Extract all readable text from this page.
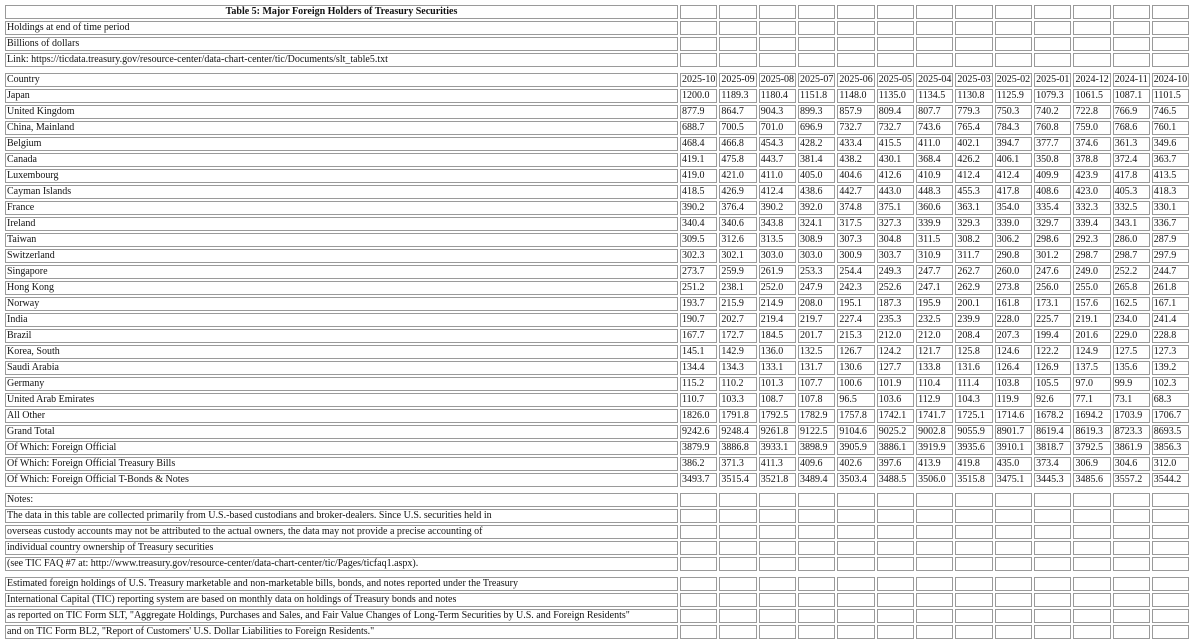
Table 5: Major Foreign Holders of Treasury Securities													
Holdings at end of time period													
Billions of dollars													
Link: https://ticdata.treasury.gov/resource-center/data-chart-center/tic/Documents/slt_table5.txt													

Country	2025-10	2025-09	2025-08	2025-07	2025-06	2025-05	2025-04	2025-03	2025-02	2025-01	2024-12	2024-11	2024-10
Japan	1200.0	1189.3	1180.4	1151.8	1148.0	1135.0	1134.5	1130.8	1125.9	1079.3	1061.5	1087.1	1101.5
United Kingdom	877.9	864.7	904.3	899.3	857.9	809.4	807.7	779.3	750.3	740.2	722.8	766.9	746.5
China, Mainland	688.7	700.5	701.0	696.9	732.7	732.7	743.6	765.4	784.3	760.8	759.0	768.6	760.1
Belgium	468.4	466.8	454.3	428.2	433.4	415.5	411.0	402.1	394.7	377.7	374.6	361.3	349.6
Canada	419.1	475.8	443.7	381.4	438.2	430.1	368.4	426.2	406.1	350.8	378.8	372.4	363.7
Luxembourg	419.0	421.0	411.0	405.0	404.6	412.6	410.9	412.4	412.4	409.9	423.9	417.8	413.5
Cayman Islands	418.5	426.9	412.4	438.6	442.7	443.0	448.3	455.3	417.8	408.6	423.0	405.3	418.3
France	390.2	376.4	390.2	392.0	374.8	375.1	360.6	363.1	354.0	335.4	332.3	332.5	330.1
Ireland	340.4	340.6	343.8	324.1	317.5	327.3	339.9	329.3	339.0	329.7	339.4	343.1	336.7
Taiwan	309.5	312.6	313.5	308.9	307.3	304.8	311.5	308.2	306.2	298.6	292.3	286.0	287.9
Switzerland	302.3	302.1	303.0	303.0	300.9	303.7	310.9	311.7	290.8	301.2	298.7	298.7	297.9
Singapore	273.7	259.9	261.9	253.3	254.4	249.3	247.7	262.7	260.0	247.6	249.0	252.2	244.7
Hong Kong	251.2	238.1	252.0	247.9	242.3	252.6	247.1	262.9	273.8	256.0	255.0	265.8	261.8
Norway	193.7	215.9	214.9	208.0	195.1	187.3	195.9	200.1	161.8	173.1	157.6	162.5	167.1
India	190.7	202.7	219.4	219.7	227.4	235.3	232.5	239.9	228.0	225.7	219.1	234.0	241.4
Brazil	167.7	172.7	184.5	201.7	215.3	212.0	212.0	208.4	207.3	199.4	201.6	229.0	228.8
Korea, South	145.1	142.9	136.0	132.5	126.7	124.2	121.7	125.8	124.6	122.2	124.9	127.5	127.3
Saudi Arabia	134.4	134.3	133.1	131.7	130.6	127.7	133.8	131.6	126.4	126.9	137.5	135.6	139.2
Germany	115.2	110.2	101.3	107.7	100.6	101.9	110.4	111.4	103.8	105.5	97.0	99.9	102.3
United Arab Emirates	110.7	103.3	108.7	107.8	96.5	103.6	112.9	104.3	119.9	92.6	77.1	73.1	68.3
All Other	1826.0	1791.8	1792.5	1782.9	1757.8	1742.1	1741.7	1725.1	1714.6	1678.2	1694.2	1703.9	1706.7
Grand Total	9242.6	9248.4	9261.8	9122.5	9104.6	9025.2	9002.8	9055.9	8901.7	8619.4	8619.3	8723.3	8693.5
Of Which: Foreign Official	3879.9	3886.8	3933.1	3898.9	3905.9	3886.1	3919.9	3935.6	3910.1	3818.7	3792.5	3861.9	3856.3
Of Which: Foreign Official Treasury Bills	386.2	371.3	411.3	409.6	402.6	397.6	413.9	419.8	435.0	373.4	306.9	304.6	312.0
Of Which: Foreign Official T-Bonds & Notes	3493.7	3515.4	3521.8	3489.4	3503.4	3488.5	3506.0	3515.8	3475.1	3445.3	3485.6	3557.2	3544.2

Notes:													
The data in this table are collected primarily from U.S.-based custodians and broker-dealers. Since U.S. securities held in													
overseas custody accounts may not be attributed to the actual owners, the data may not provide a precise accounting of													
individual country ownership of Treasury securities													
(see TIC FAQ #7 at: http://www.treasury.gov/resource-center/data-chart-center/tic/Pages/ticfaq1.aspx).													

Estimated foreign holdings of U.S. Treasury marketable and non-marketable bills, bonds, and notes reported under the Treasury													
International Capital (TIC) reporting system are based on monthly data on holdings of Treasury bonds and notes													
as reported on TIC Form SLT, "Aggregate Holdings, Purchases and Sales, and Fair Value Changes of Long-Term Securities by U.S. and Foreign Residents"													
and on TIC Form BL2, "Report of Customers' U.S. Dollar Liabilities to Foreign Residents."													
